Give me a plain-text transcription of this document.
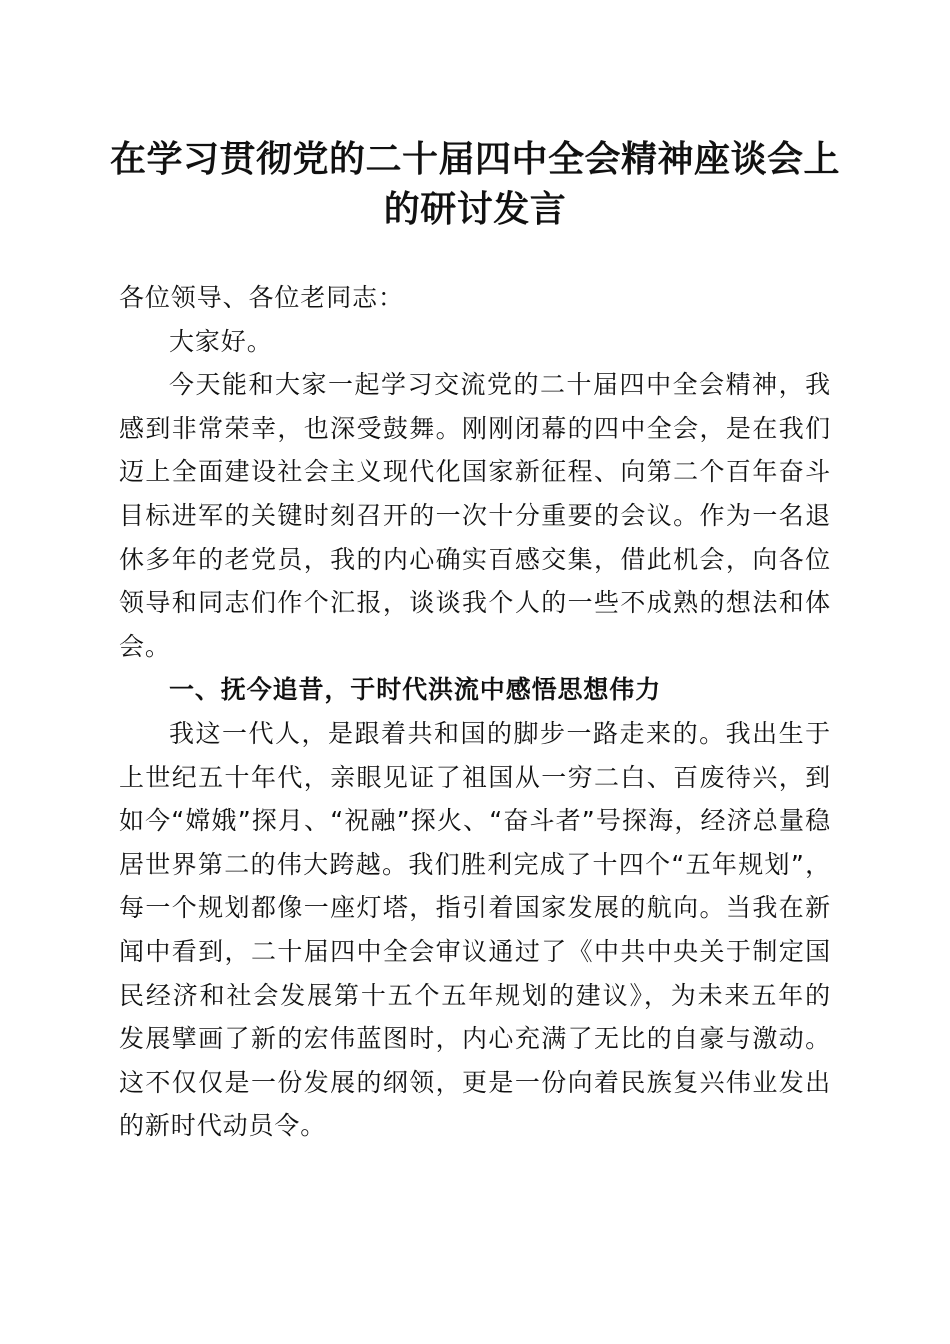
在学习贯彻党的二十届四中全会精神座谈会上的研讨发言

各位领导、各位老同志：

大家好。

今天能和大家一起学习交流党的二十届四中全会精神，我感到非常荣幸，也深受鼓舞。刚刚闭幕的四中全会，是在我们迈上全面建设社会主义现代化国家新征程、向第二个百年奋斗目标进军的关键时刻召开的一次十分重要的会议。作为一名退休多年的老党员，我的内心确实百感交集，借此机会，向各位领导和同志们作个汇报，谈谈我个人的一些不成熟的想法和体会。

一、抚今追昔，于时代洪流中感悟思想伟力

我这一代人，是跟着共和国的脚步一路走来的。我出生于上世纪五十年代，亲眼见证了祖国从一穷二白、百废待兴，到如今“嫦娥”探月、“祝融”探火、“奋斗者”号探海，经济总量稳居世界第二的伟大跨越。我们胜利完成了十四个“五年规划”，每一个规划都像一座灯塔，指引着国家发展的航向。当我在新闻中看到，二十届四中全会审议通过了《中共中央关于制定国民经济和社会发展第十五个五年规划的建议》，为未来五年的发展擘画了新的宏伟蓝图时，内心充满了无比的自豪与激动。这不仅仅是一份发展的纲领，更是一份向着民族复兴伟业发出的新时代动员令。
